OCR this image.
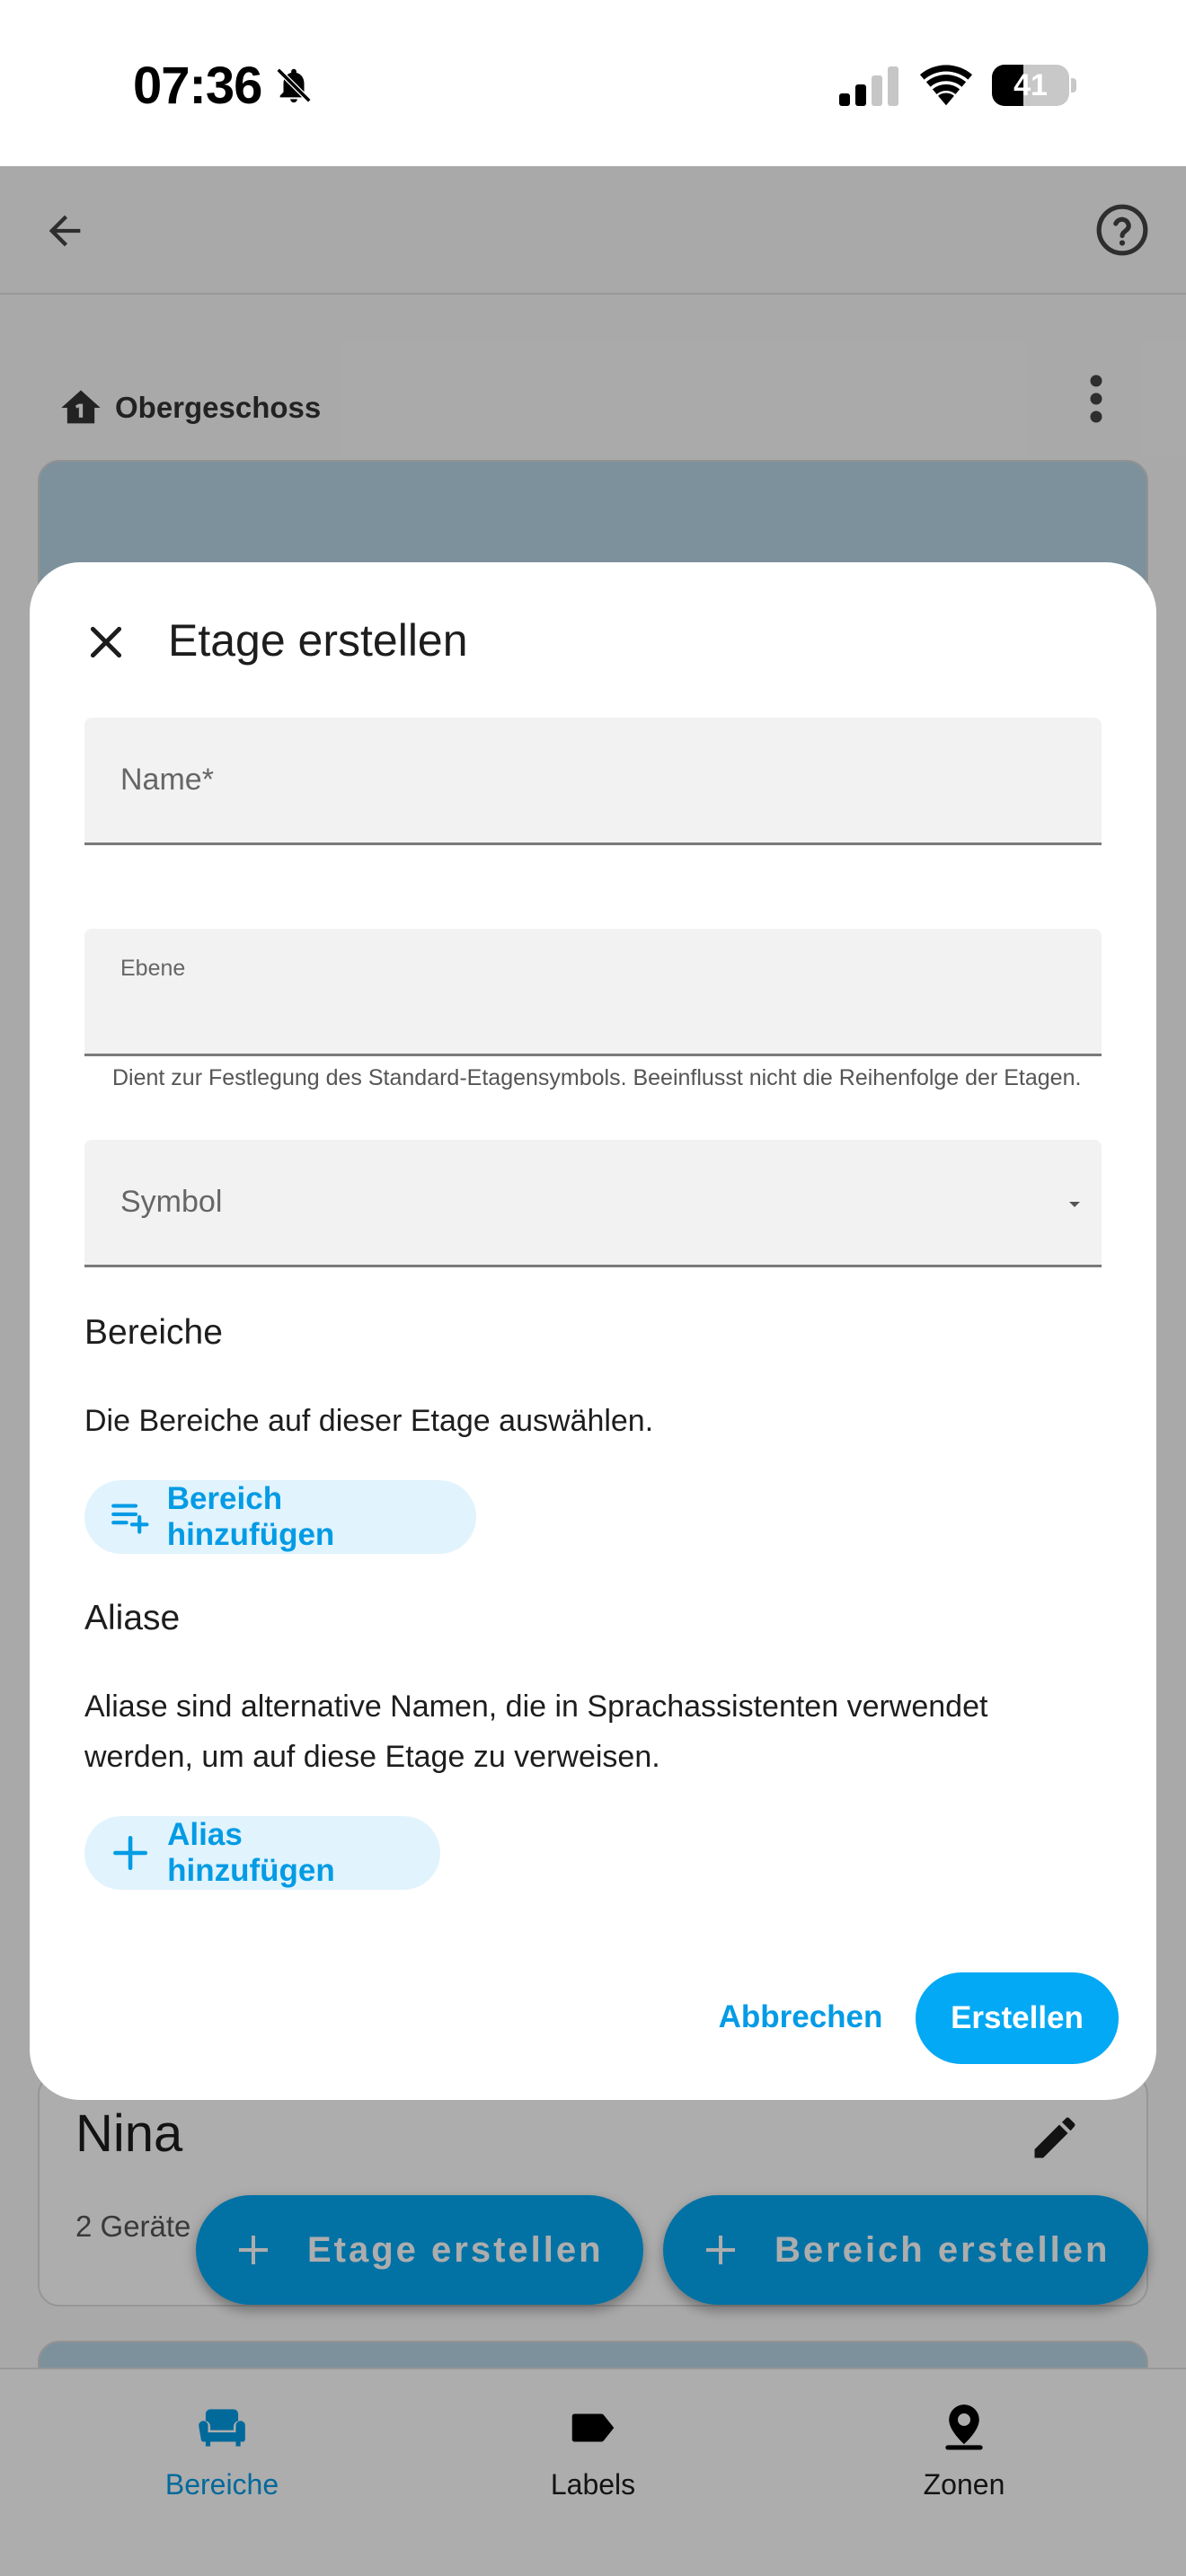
07:36	41
Obergeschoss
Nina
2 Geräte
Etage erstellen	Bereich erstellen
Bereiche	Labels	Zonen
Etage erstellen
Name*
Ebene
Dient zur Festlegung des Standard-Etagensymbols. Beeinflusst nicht die Reihenfolge der Etagen.
Symbol
Bereiche
Die Bereiche auf dieser Etage auswählen.
Bereich hinzufügen
Aliase
Aliase sind alternative Namen, die in Sprachassistenten verwendet werden, um auf diese Etage zu verweisen.
Alias hinzufügen
Abbrechen	Erstellen
